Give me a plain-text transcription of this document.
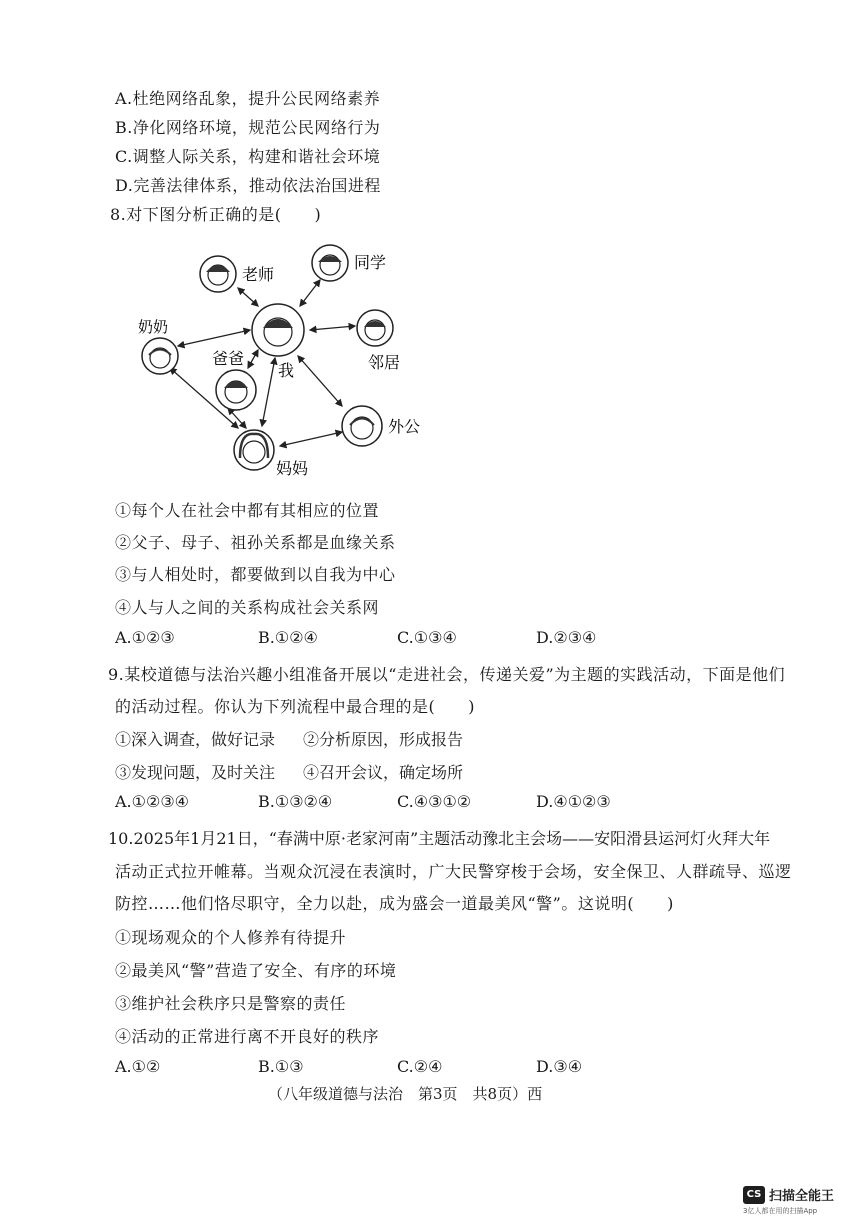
A.杜绝网络乱象，提升公民网络素养
B.净化网络环境，规范公民网络行为
C.调整人际关系，构建和谐社会环境
D.完善法律体系，推动依法治国进程
8.对下图分析正确的是(　　)
老师
同学
我	邻居
奶奶
爸爸
外公
妈妈
①每个人在社会中都有其相应的位置
②父子、母子、祖孙关系都是血缘关系
③与人相处时，都要做到以自我为中心
④人与人之间的关系构成社会关系网
A.①②③	B.①②④	C.①③④	D.②③④
9.某校道德与法治兴趣小组准备开展以“走进社会，传递关爱”为主题的实践活动，下面是他们
的活动过程。你认为下列流程中最合理的是(　　)
①深入调查，做好记录 ②分析原因，形成报告
③发现问题，及时关注 ④召开会议，确定场所
A.①②③④	B.①③②④	C.④③①②	D.④①②③
10.2025年1月21日，“春满中原·老家河南”主题活动豫北主会场——安阳滑县运河灯火拜大年
活动正式拉开帷幕。当观众沉浸在表演时，广大民警穿梭于会场，安全保卫、人群疏导、巡逻
防控……他们恪尽职守，全力以赴，成为盛会一道最美风“警”。这说明(　　)
①现场观众的个人修养有待提升
②最美风“警”营造了安全、有序的环境
③维护社会秩序只是警察的责任
④活动的正常进行离不开良好的秩序
A.①②	B.①③	C.②④	D.③④
（八年级道德与法治　第3页　共8页）西
CS 扫描全能王
3亿人都在用的扫描App
